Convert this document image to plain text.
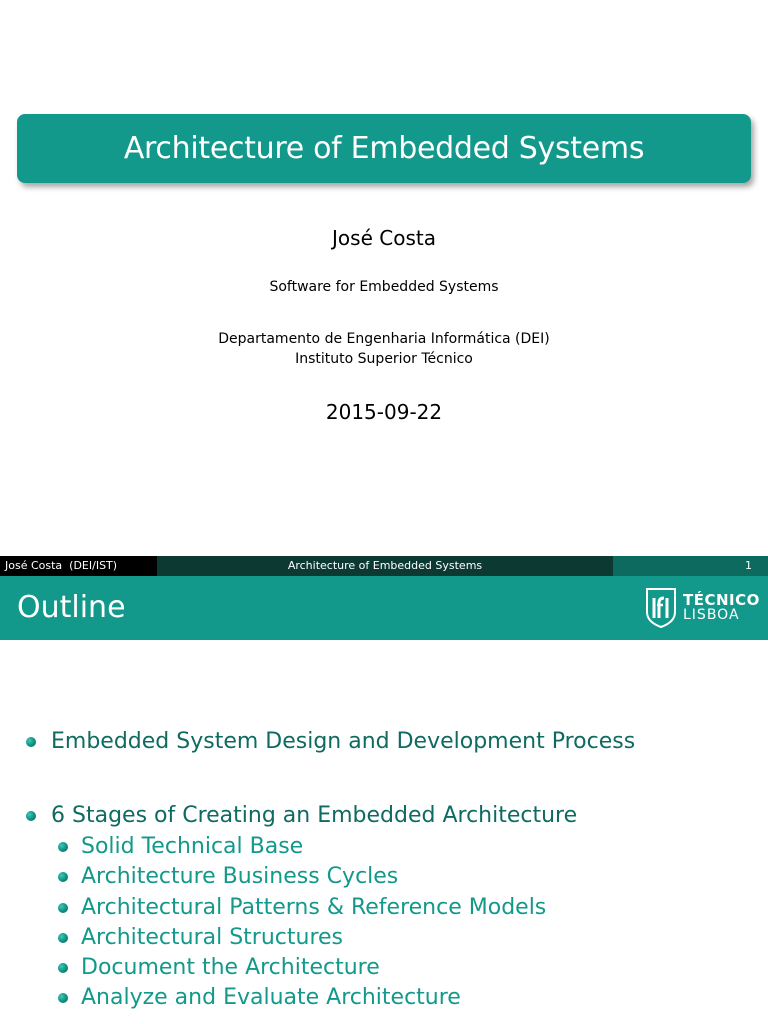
Architecture of Embedded Systems
José Costa
Software for Embedded Systems
Departamento de Engenharia Informática (DEI)
Instituto Superior Técnico
2015-09-22
José Costa  (DEI/IST)	Architecture of Embedded Systems	1
Outline	TÉCNICO
LISBOA
Embedded System Design and Development Process
6 Stages of Creating an Embedded Architecture
Solid Technical Base
Architecture Business Cycles
Architectural Patterns & Reference Models
Architectural Structures
Document the Architecture
Analyze and Evaluate Architecture
